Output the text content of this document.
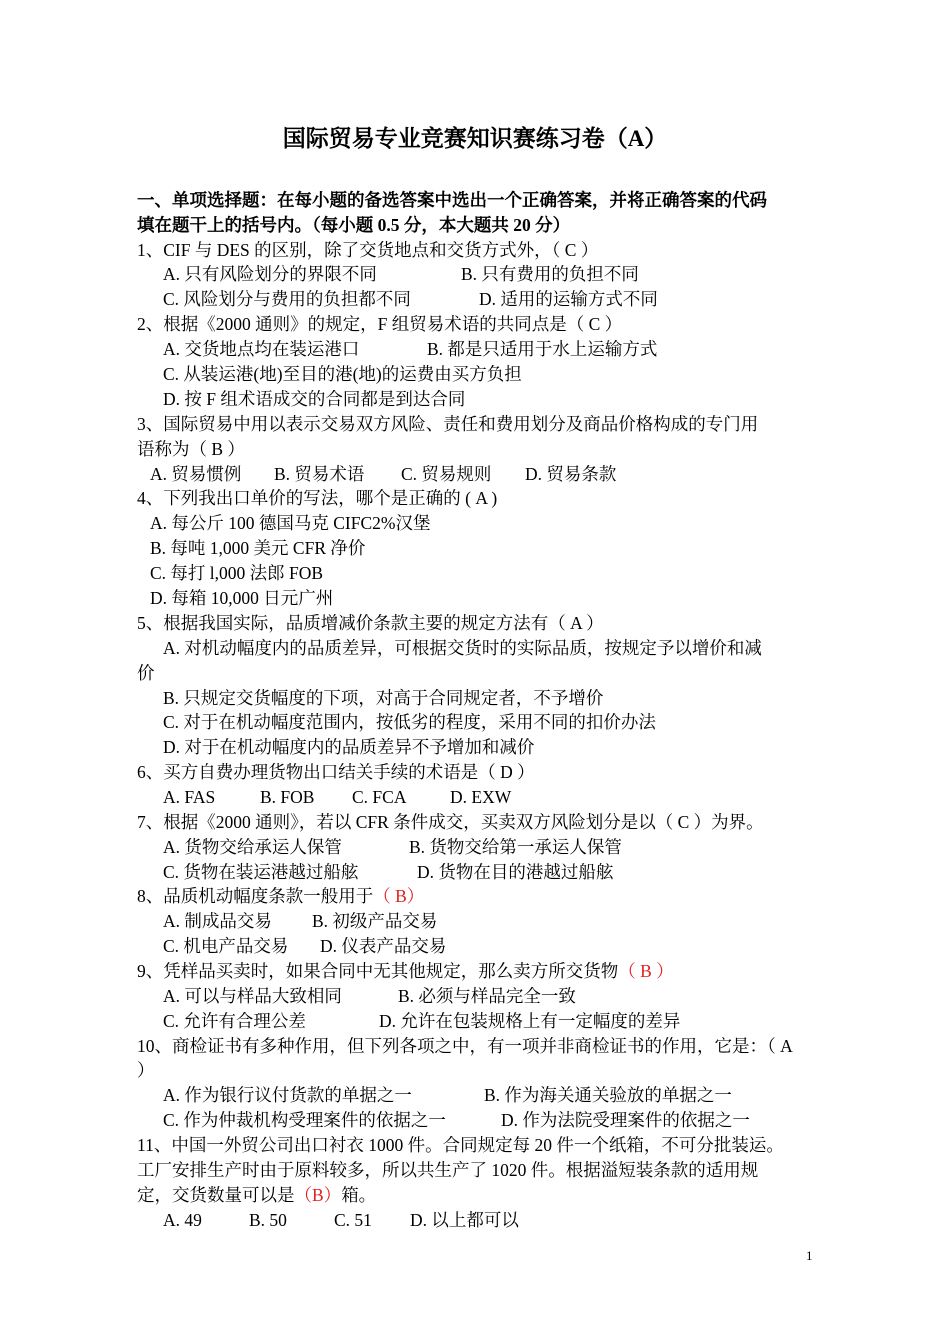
国际贸易专业竞赛知识赛练习卷（A）
一、单项选择题：在每小题的备选答案中选出一个正确答案，并将正确答案的代码
填在题干上的括号内。（每小题 0.5 分，本大题共 20 分）
1、CIF 与 DES 的区别，除了交货地点和交货方式外，（ C ）
A. 只有风险划分的界限不同	B. 只有费用的负担不同
C. 风险划分与费用的负担都不同	D. 适用的运输方式不同
2、根据《2000 通则》的规定，F 组贸易术语的共同点是（ C ）
A. 交货地点均在装运港口	B. 都是只适用于水上运输方式
C. 从装运港(地)至目的港(地)的运费由买方负担
D. 按 F 组术语成交的合同都是到达合同
3、国际贸易中用以表示交易双方风险、责任和费用划分及商品价格构成的专门用
语称为（ B ）
A. 贸易惯例 B. 贸易术语 C. 贸易规则 D. 贸易条款
4、下列我出口单价的写法，哪个是正确的 ( A )
A. 每公斤 100 德国马克 CIFC2%汉堡
B. 每吨 1,000 美元 CFR 净价
C. 每打 l,000 法郎 FOB
D. 每箱 10,000 日元广州
5、根据我国实际，品质增减价条款主要的规定方法有（ A ）
A. 对机动幅度内的品质差异，可根据交货时的实际品质，按规定予以增价和减
价
B. 只规定交货幅度的下项，对高于合同规定者，不予增价
C. 对于在机动幅度范围内，按低劣的程度，采用不同的扣价办法
D. 对于在机动幅度内的品质差异不予增加和减价
6、买方自费办理货物出口结关手续的术语是（ D ）
A. FAS	B. FOB C. FCA D. EXW
7、根据《2000 通则》，若以 CFR 条件成交，买卖双方风险划分是以（ C ）为界。
A. 货物交给承运人保管	B. 货物交给第一承运人保管
C. 货物在装运港越过船舷	D. 货物在目的港越过船舷
8、品质机动幅度条款一般用于（ B）
A. 制成品交易 B. 初级产品交易
C. 机电产品交易 D. 仪表产品交易
9、凭样品买卖时，如果合同中无其他规定，那么卖方所交货物（ B ）
A. 可以与样品大致相同	B. 必须与样品完全一致
C. 允许有合理公差	D. 允许在包装规格上有一定幅度的差异
10、商检证书有多种作用，但下列各项之中，有一项并非商检证书的作用，它是：（ A
）
A. 作为银行议付货款的单据之一	B. 作为海关通关验放的单据之一
C. 作为仲裁机构受理案件的依据之一	D. 作为法院受理案件的依据之一
11、中国一外贸公司出口衬衣 1000 件。合同规定每 20 件一个纸箱，不可分批装运。
工厂安排生产时由于原料较多，所以共生产了 1020 件。根据溢短装条款的适用规
定，交货数量可以是（B）箱。
A. 49	B. 50	C. 51 D. 以上都可以
1
